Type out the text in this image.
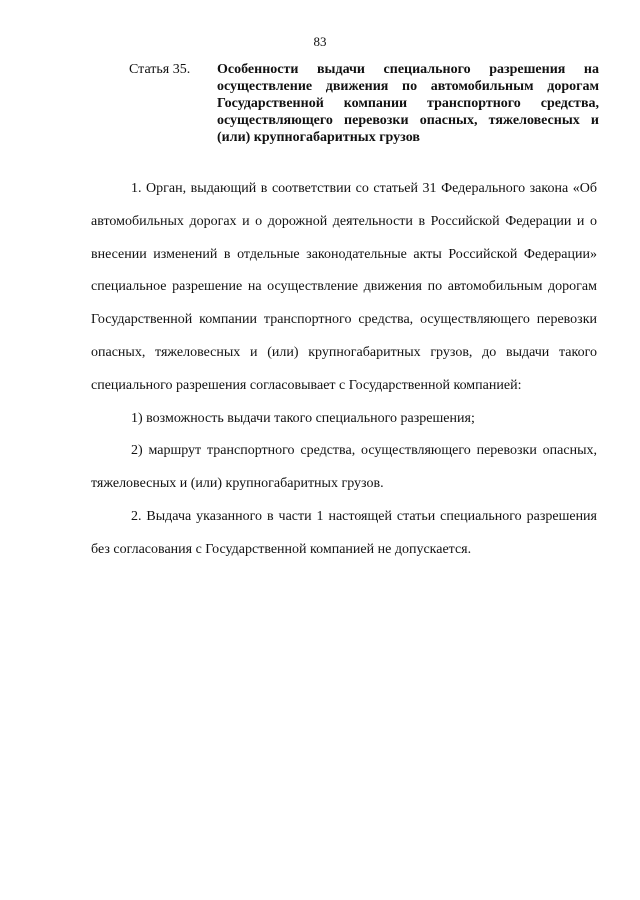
83
Статья 35.	Особенности выдачи специального разрешения на осуществление движения по автомобильным дорогам Государственной компании транспортного средства, осуществляющего перевозки опасных, тяжеловесных и (или) крупногабаритных грузов

1. Орган, выдающий в соответствии со статьей 31 Федерального закона «Об автомобильных дорогах и о дорожной деятельности в Российской Федерации и о внесении изменений в отдельные законодательные акты Российской Федерации» специальное разрешение на осуществление движения по автомобильным дорогам Государственной компании транспортного средства, осуществляющего перевозки опасных, тяжеловесных и (или) крупногабаритных грузов, до выдачи такого специального разрешения согласовывает с Государственной компанией:

1) возможность выдачи такого специального разрешения;

2) маршрут транспортного средства, осуществляющего перевозки опасных, тяжеловесных и (или) крупногабаритных грузов.

2. Выдача указанного в части 1 настоящей статьи специального разрешения без согласования с Государственной компанией не допускается.
